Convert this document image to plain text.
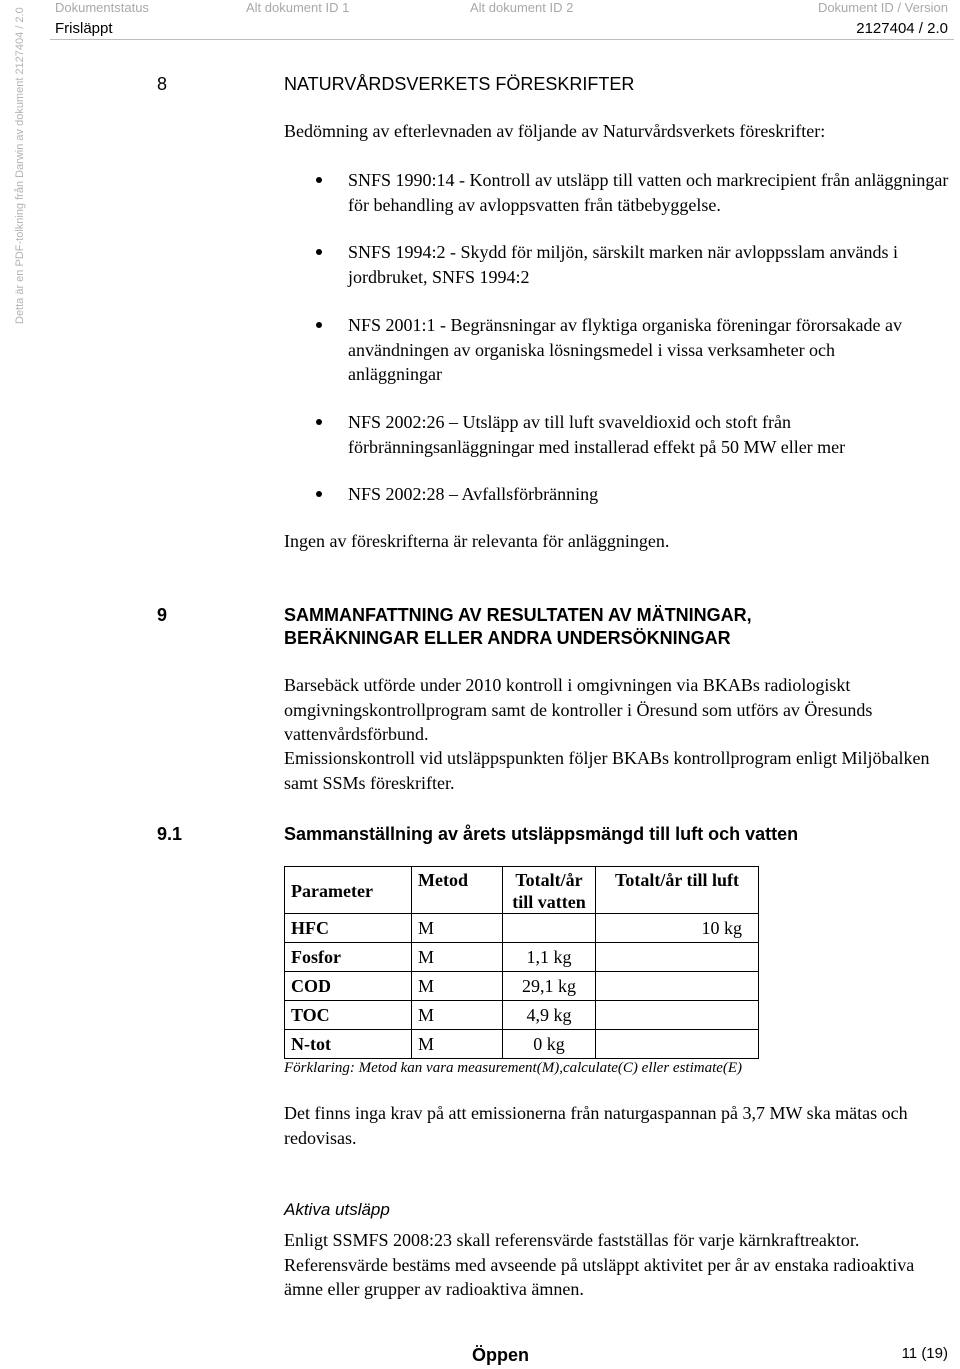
Dokumentstatus	Alt dokument ID 1	Alt dokument ID 2	Dokument ID / Version
Frisläppt	2127404 / 2.0
Detta är en PDF-tolkning från Darwin av dokument 2127404 / 2.0	8	NATURVÅRDSVERKETS FÖRESKRIFTER
Bedömning av efterlevnaden av följande av Naturvårdsverkets föreskrifter:
SNFS 1990:14 - Kontroll av utsläpp till vatten och markrecipient från anläggningar för behandling av avloppsvatten från tätbebyggelse.
SNFS 1994:2 - Skydd för miljön, särskilt marken när avloppsslam används i jordbruket, SNFS 1994:2
NFS 2001:1 - Begränsningar av flyktiga organiska föreningar förorsakade av användningen av organiska lösningsmedel i vissa verksamheter och anläggningar
NFS 2002:26 – Utsläpp av till luft svaveldioxid och stoft från förbränningsanläggningar med installerad effekt på 50 MW eller mer
NFS 2002:28 – Avfallsförbränning
Ingen av föreskrifterna är relevanta för anläggningen.
9	SAMMANFATTNING AV RESULTATEN AV MÄTNINGAR,
BERÄKNINGAR ELLER ANDRA UNDERSÖKNINGAR
Barsebäck utförde under 2010 kontroll i omgivningen via BKABs radiologiskt omgivningskontrollprogram samt de kontroller i Öresund som utförs av Öresunds vattenvårdsförbund.
Emissionskontroll vid utsläppspunkten följer BKABs kontrollprogram enligt Miljöbalken samt SSMs föreskrifter.
9.1	Sammanställning av årets utsläppsmängd till luft och vatten
Parameter	Metod	Totalt/år till vatten	Totalt/år till luft
HFC	M		10 kg
Fosfor	M	1,1 kg	
COD	M	29,1 kg	
TOC	M	4,9 kg	
N-tot	M	0 kg	
Förklaring: Metod kan vara measurement(M),calculate(C) eller estimate(E)
Det finns inga krav på att emissionerna från naturgaspannan på 3,7 MW ska mätas och redovisas.
Aktiva utsläpp
Enligt SSMFS 2008:23 skall referensvärde fastställas för varje kärnkraftreaktor. Referensvärde bestäms med avseende på utsläppt aktivitet per år av enstaka radioaktiva ämne eller grupper av radioaktiva ämnen.
Öppen	11 (19)
